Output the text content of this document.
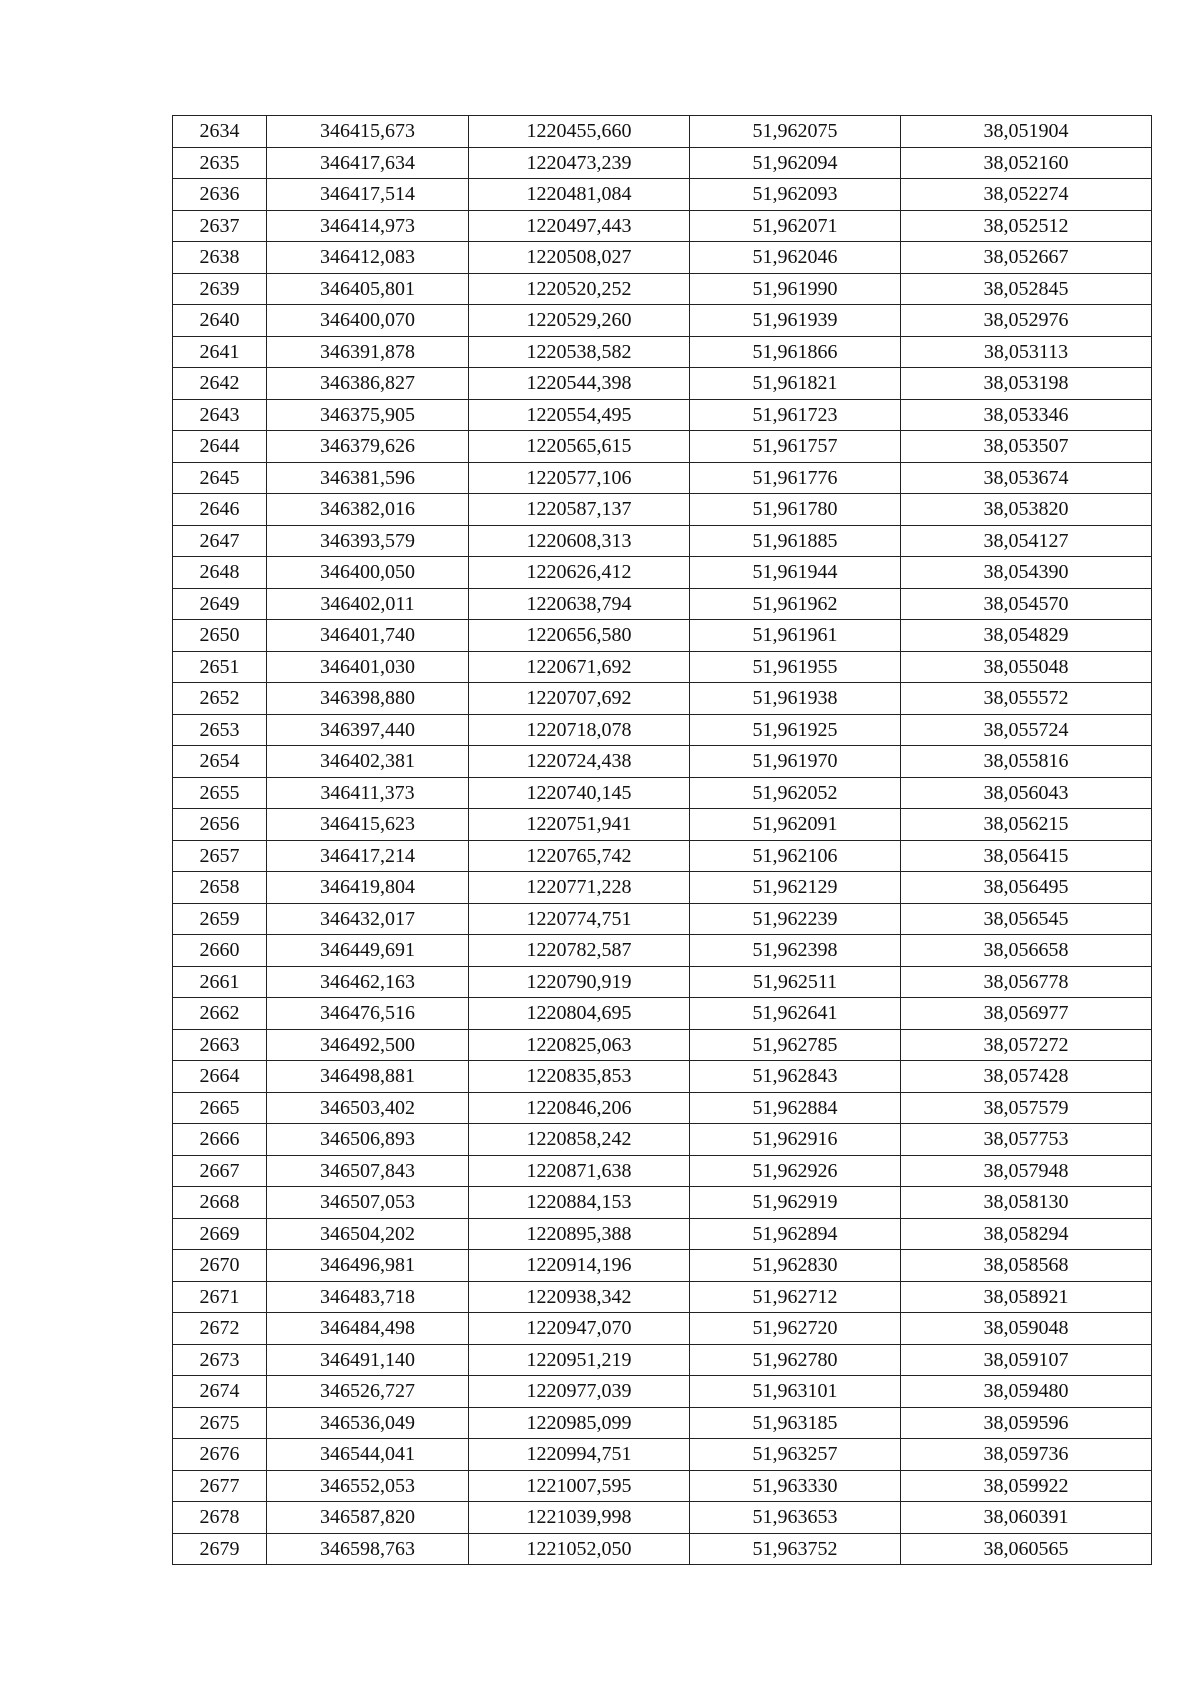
2634	346415,673	1220455,660	51,962075	38,051904
2635	346417,634	1220473,239	51,962094	38,052160
2636	346417,514	1220481,084	51,962093	38,052274
2637	346414,973	1220497,443	51,962071	38,052512
2638	346412,083	1220508,027	51,962046	38,052667
2639	346405,801	1220520,252	51,961990	38,052845
2640	346400,070	1220529,260	51,961939	38,052976
2641	346391,878	1220538,582	51,961866	38,053113
2642	346386,827	1220544,398	51,961821	38,053198
2643	346375,905	1220554,495	51,961723	38,053346
2644	346379,626	1220565,615	51,961757	38,053507
2645	346381,596	1220577,106	51,961776	38,053674
2646	346382,016	1220587,137	51,961780	38,053820
2647	346393,579	1220608,313	51,961885	38,054127
2648	346400,050	1220626,412	51,961944	38,054390
2649	346402,011	1220638,794	51,961962	38,054570
2650	346401,740	1220656,580	51,961961	38,054829
2651	346401,030	1220671,692	51,961955	38,055048
2652	346398,880	1220707,692	51,961938	38,055572
2653	346397,440	1220718,078	51,961925	38,055724
2654	346402,381	1220724,438	51,961970	38,055816
2655	346411,373	1220740,145	51,962052	38,056043
2656	346415,623	1220751,941	51,962091	38,056215
2657	346417,214	1220765,742	51,962106	38,056415
2658	346419,804	1220771,228	51,962129	38,056495
2659	346432,017	1220774,751	51,962239	38,056545
2660	346449,691	1220782,587	51,962398	38,056658
2661	346462,163	1220790,919	51,962511	38,056778
2662	346476,516	1220804,695	51,962641	38,056977
2663	346492,500	1220825,063	51,962785	38,057272
2664	346498,881	1220835,853	51,962843	38,057428
2665	346503,402	1220846,206	51,962884	38,057579
2666	346506,893	1220858,242	51,962916	38,057753
2667	346507,843	1220871,638	51,962926	38,057948
2668	346507,053	1220884,153	51,962919	38,058130
2669	346504,202	1220895,388	51,962894	38,058294
2670	346496,981	1220914,196	51,962830	38,058568
2671	346483,718	1220938,342	51,962712	38,058921
2672	346484,498	1220947,070	51,962720	38,059048
2673	346491,140	1220951,219	51,962780	38,059107
2674	346526,727	1220977,039	51,963101	38,059480
2675	346536,049	1220985,099	51,963185	38,059596
2676	346544,041	1220994,751	51,963257	38,059736
2677	346552,053	1221007,595	51,963330	38,059922
2678	346587,820	1221039,998	51,963653	38,060391
2679	346598,763	1221052,050	51,963752	38,060565
